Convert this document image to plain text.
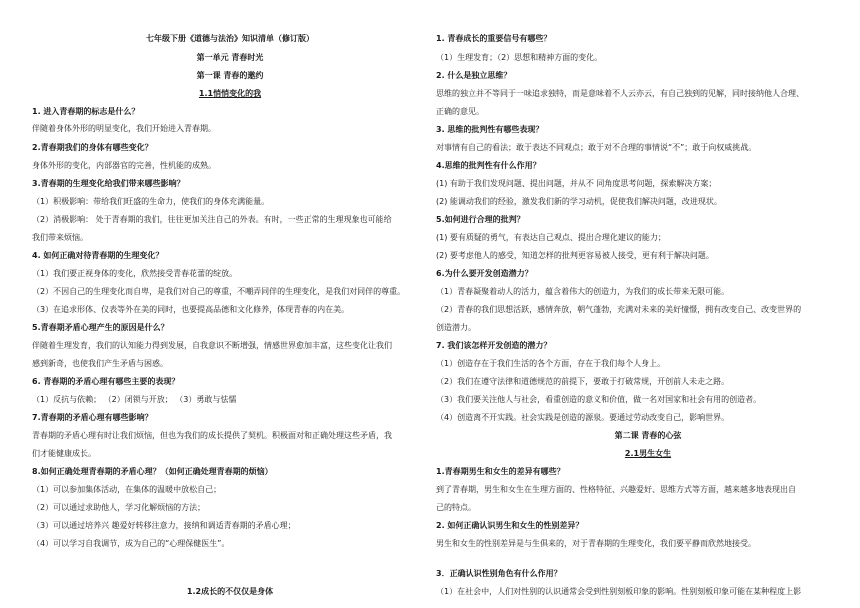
七年级下册《道德与法治》知识清单（修订版）
第一单元 青春时光
第一课 青春的邀约
1.1悄悄变化的我
1. 进入青春期的标志是什么？
伴随着身体外形的明显变化，我们开始进入青春期。
2.青春期我们的身体有哪些变化？
身体外形的变化，内部器官的完善，性机能的成熟。
3.青春期的生理变化给我们带来哪些影响？
（1）积极影响：带给我们旺盛的生命力，使我们的身体充满能量。
（2）消极影响： 处于青春期的我们，往往更加关注自己的外表。有时，一些正常的生理现象也可能给
我们带来烦恼。
4. 如何正确对待青春期的生理变化？
（1）我们要正视身体的变化，欣然接受青春花蕾的绽放。
（2）不因自己的生理变化而自卑，是我们对自己的尊重，不嘲弄同伴的生理变化，是我们对同伴的尊重。
（3）在追求形体、仪表等外在美的同时，也要提高品德和文化修养，体现青春的内在美。
5.青春期矛盾心理产生的原因是什么？
伴随着生理发育，我们的认知能力得到发展，自我意识不断增强，情感世界愈加丰富，这些变化让我们
感到新奇，也使我们产生矛盾与困惑。
6. 青春期的矛盾心理有哪些主要的表现？
（1）反抗与依赖； （2）闭锁与开放； （3）勇敢与怯懦
7.青春期的矛盾心理有哪些影响？
青春期的矛盾心理有时让我们烦恼，但也为我们的成长提供了契机。积极面对和正确处理这些矛盾，我
们才能健康成长。
8.如何正确处理青春期的矛盾心理？（如何正确处理青春期的烦恼）
（1）可以参加集体活动，在集体的温暖中放松自己；
（2）可以通过求助他人，学习化解烦恼的方法；
（3）可以通过培养兴 趣爱好转移注意力，接纳和调适青春期的矛盾心理；
（4）可以学习自我调节，成为自己的“心理保健医生”。
1.2成长的不仅仅是身体
1. 青春成长的重要信号有哪些？
（1）生理发育；（2）思想和精神方面的变化。
2. 什么是独立思维？
思维的独立并不等同于一味追求独特，而是意味着不人云亦云，有自己独到的见解，同时接纳他人合理、
正确的意见。
3. 思维的批判性有哪些表现？
对事情有自己的看法；敢于表达不同观点；敢于对不合理的事情说“不”；敢于向权威挑战。
4.思维的批判性有什么作用？
(1) 有助于我们发现问题、提出问题，并从不 同角度思考问题，探索解决方案；
(2) 能调动我们的经验，激发我们新的学习动机，促使我们解决问题，改进现状。
5.如何进行合理的批判？
(1) 要有质疑的勇气，有表达自己观点、提出合理化建议的能力；
(2) 要考虑他人的感受，知道怎样的批判更容易被人接受，更有利于解决问题。
6.为什么要开发创造潜力？
（1）青春凝聚着动人的活力，蕴含着伟大的创造力，为我们的成长带来无限可能。
（2）青春的我们思想活跃，感情奔放，朝气蓬勃，充满对未来的美好憧憬，拥有改变自己、改变世界的
创造潜力。
7. 我们该怎样开发创造的潜力？
（1）创造存在于我们生活的各个方面，存在于我们每个人身上。
（2）我们在遵守法律和道德规范的前提下，要敢于打破常规，开创前人未走之路。
（3）我们要关注他人与社会，看重创造的意义和价值，做一名对国家和社会有用的创造者。
（4）创造离不开实践。社会实践是创造的源泉。要通过劳动改变自己，影响世界。
第二课 青春的心弦
2.1男生女生
1.青春期男生和女生的差异有哪些？
到了青春期，男生和女生在生理方面的、性格特征、兴趣爱好、思维方式等方面，越来越多地表现出自
己的特点。
2. 如何正确认识男生和女生的性别差异？
男生和女生的性别差异是与生俱来的，对于青春期的生理变化，我们要平静而欣然地接受。
3．正确认识性别角色有什么作用？
（1）在社会中，人们对性别的认识通常会受到性别刻板印象的影响。性别刻板印象可能在某种程度上影
